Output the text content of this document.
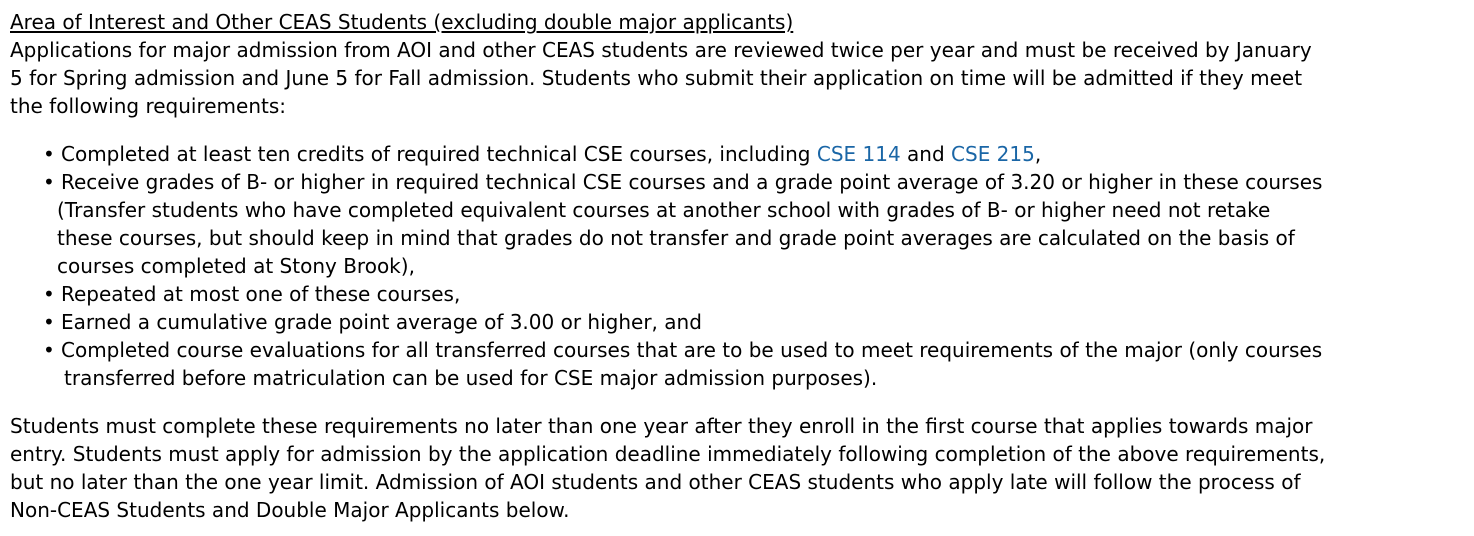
Area of Interest and Other CEAS Students (excluding double major applicants)

Applications for major admission from AOI and other CEAS students are reviewed twice per year and must be received by January
5 for Spring admission and June 5 for Fall admission. Students who submit their application on time will be admitted if they meet
the following requirements:

• Completed at least ten credits of required technical CSE courses, including CSE 114 and CSE 215,
• Receive grades of B- or higher in required technical CSE courses and a grade point average of 3.20 or higher in these courses

(Transfer students who have completed equivalent courses at another school with grades of B- or higher need not retake
these courses, but should keep in mind that grades do not transfer and grade point averages are calculated on the basis of
courses completed at Stony Brook),
• Repeated at most one of these courses,
• Earned a cumulative grade point average of 3.00 or higher, and
• Completed course evaluations for all transferred courses that are to be used to meet requirements of the major (only courses

transferred before matriculation can be used for CSE major admission purposes).

Students must complete these requirements no later than one year after they enroll in the first course that applies towards major
entry. Students must apply for admission by the application deadline immediately following completion of the above requirements,
but no later than the one year limit. Admission of AOI students and other CEAS students who apply late will follow the process of
Non-CEAS Students and Double Major Applicants below.
